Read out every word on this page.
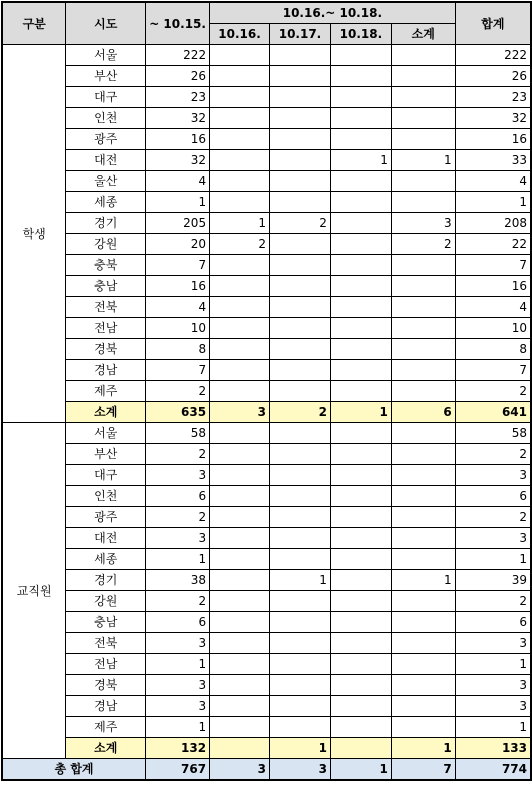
구분	시도	~ 10.15.	10.16.~ 10.18.				합계
			10.16.	10.17.	10.18.	소계	
학생	서울	222					222
	부산	26					26
	대구	23					23
	인천	32					32
	광주	16					16
	대전	32			1	1	33
	울산	4					4
	세종	1					1
	경기	205	1	2		3	208
	강원	20	2			2	22
	충북	7					7
	충남	16					16
	전북	4					4
	전남	10					10
	경북	8					8
	경남	7					7
	제주	2					2
	소계	635	3	2	1	6	641
교직원	서울	58					58
	부산	2					2
	대구	3					3
	인천	6					6
	광주	2					2
	대전	3					3
	세종	1					1
	경기	38		1		1	39
	강원	2					2
	충남	6					6
	전북	3					3
	전남	1					1
	경북	3					3
	경남	3					3
	제주	1					1
	소계	132		1		1	133
총 합계		767	3	3	1	7	774
